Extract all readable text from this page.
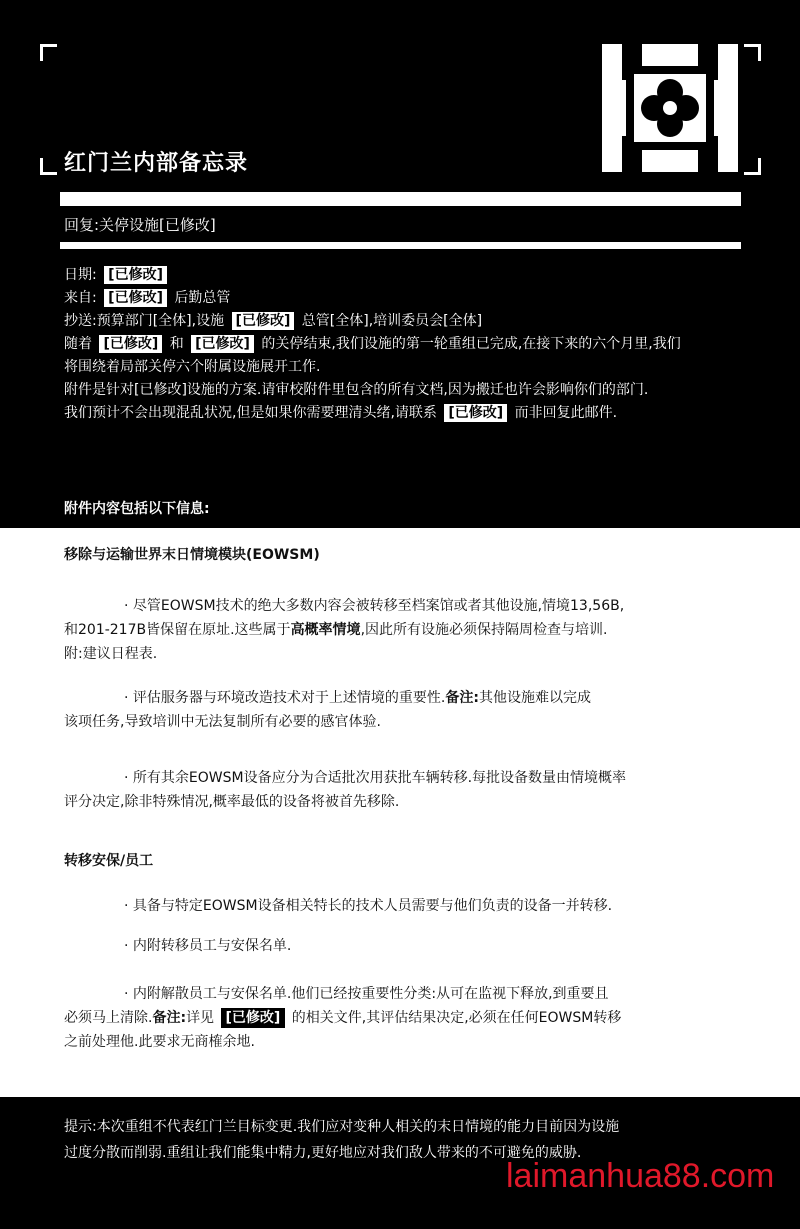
红门兰内部备忘录
回复:关停设施[已修改]

日期: [已修改]

来自: [已修改] 后勤总管

抄送:预算部门[全体],设施 [已修改] 总管[全体],培训委员会[全体]

随着 [已修改] 和 [已修改] 的关停结束,我们设施的第一轮重组已完成,在接下来的六个月里,我们

将围绕着局部关停六个附属设施展开工作.

附件是针对[已修改]设施的方案.请审校附件里包含的所有文档,因为搬迁也许会影响你们的部门.

我们预计不会出现混乱状况,但是如果你需要理清头绪,请联系 [已修改] 而非回复此邮件.

附件内容包括以下信息:
移除与运输世界末日情境模块(EOWSM)
· 尽管EOWSM技术的绝大多数内容会被转移至档案馆或者其他设施,情境13,56B,
和201-217B皆保留在原址.这些属于高概率情境,因此所有设施必须保持隔周检查与培训.
附:建议日程表.
· 评估服务器与环境改造技术对于上述情境的重要性.备注:其他设施难以完成
该项任务,导致培训中无法复制所有必要的感官体验.
· 所有其余EOWSM设备应分为合适批次用获批车辆转移.每批设备数量由情境概率
评分决定,除非特殊情况,概率最低的设备将被首先移除.
转移安保/员工
· 具备与特定EOWSM设备相关特长的技术人员需要与他们负责的设备一并转移.
· 内附转移员工与安保名单.
· 内附解散员工与安保名单.他们已经按重要性分类:从可在监视下释放,到重要且
必须马上清除.备注:详见 [已修改] 的相关文件,其评估结果决定,必须在任何EOWSM转移
之前处理他.此要求无商榷余地.
提示:本次重组不代表红门兰目标变更.我们应对变种人相关的末日情境的能力目前因为设施
过度分散而削弱.重组让我们能集中精力,更好地应对我们敌人带来的不可避免的威胁.
laimanhua88.com
